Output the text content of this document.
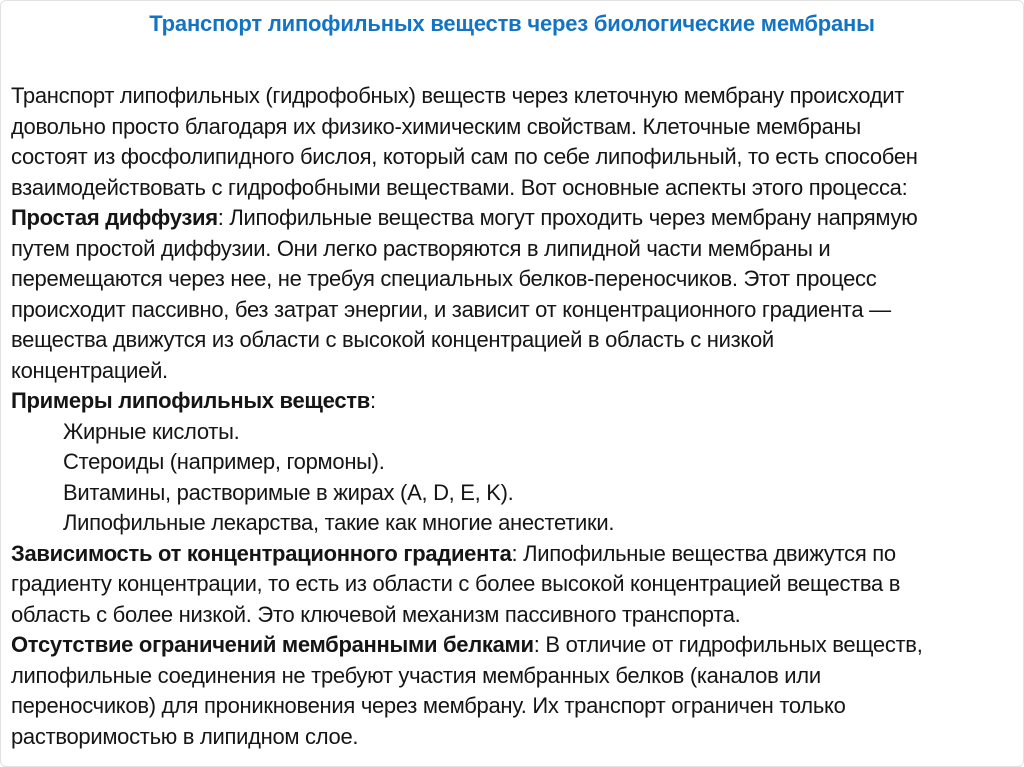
Транспорт липофильных веществ через биологические мембраны
Транспорт липофильных (гидрофобных) веществ через клеточную мембрану происходит
довольно просто благодаря их физико-химическим свойствам. Клеточные мембраны
состоят из фосфолипидного бислоя, который сам по себе липофильный, то есть способен
взаимодействовать с гидрофобными веществами. Вот основные аспекты этого процесса:
Простая диффузия: Липофильные вещества могут проходить через мембрану напрямую
путем простой диффузии. Они легко растворяются в липидной части мембраны и
перемещаются через нее, не требуя специальных белков-переносчиков. Этот процесс
происходит пассивно, без затрат энергии, и зависит от концентрационного градиента —
вещества движутся из области с высокой концентрацией в область с низкой
концентрацией.
Примеры липофильных веществ:
Жирные кислоты.
Стероиды (например, гормоны).
Витамины, растворимые в жирах (A, D, E, K).
Липофильные лекарства, такие как многие анестетики.
Зависимость от концентрационного градиента: Липофильные вещества движутся по
градиенту концентрации, то есть из области с более высокой концентрацией вещества в
область с более низкой. Это ключевой механизм пассивного транспорта.
Отсутствие ограничений мембранными белками: В отличие от гидрофильных веществ,
липофильные соединения не требуют участия мембранных белков (каналов или
переносчиков) для проникновения через мембрану. Их транспорт ограничен только
растворимостью в липидном слое.
